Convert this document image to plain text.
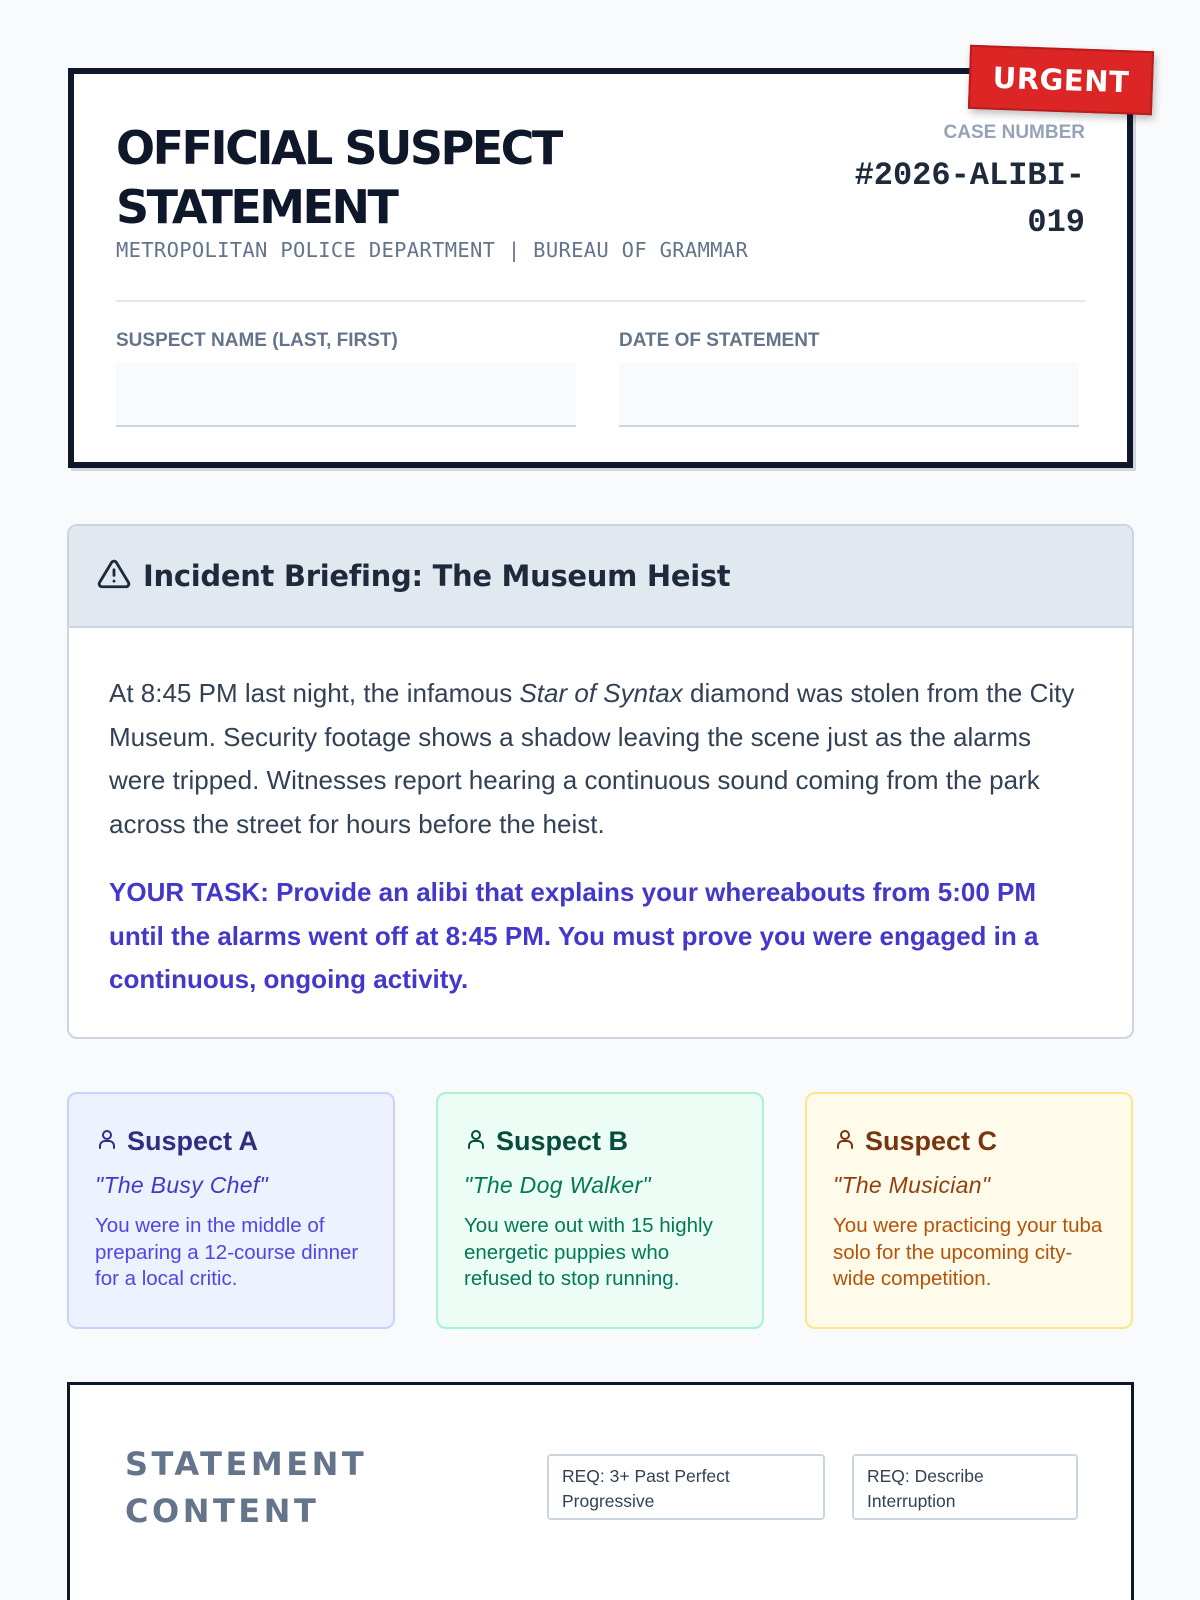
OFFICIAL SUSPECT STATEMENT
METROPOLITAN POLICE DEPARTMENT | BUREAU OF GRAMMAR
CASE NUMBER
#2026-ALIBI-019
SUSPECT NAME (LAST, FIRST)	DATE OF STATEMENT
URGENT
Incident Briefing: The Museum Heist

At 8:45 PM last night, the infamous Star of Syntax diamond was stolen from the City Museum. Security footage shows a shadow leaving the scene just as the alarms were tripped. Witnesses report hearing a continuous sound coming from the park across the street for hours before the heist.

YOUR TASK: Provide an alibi that explains your whereabouts from 5:00 PM until the alarms went off at 8:45 PM. You must prove you were engaged in a continuous, ongoing activity.

Suspect A
"The Busy Chef"
You were in the middle of preparing a 12-course dinner for a local critic.
Suspect B
"The Dog Walker"
You were out with 15 highly energetic puppies who refused to stop running.
Suspect C
"The Musician"
You were practicing your tuba solo for the upcoming city-wide competition.
STATEMENT CONTENT
REQ: 3+ Past Perfect Progressive
REQ: Describe Interruption
